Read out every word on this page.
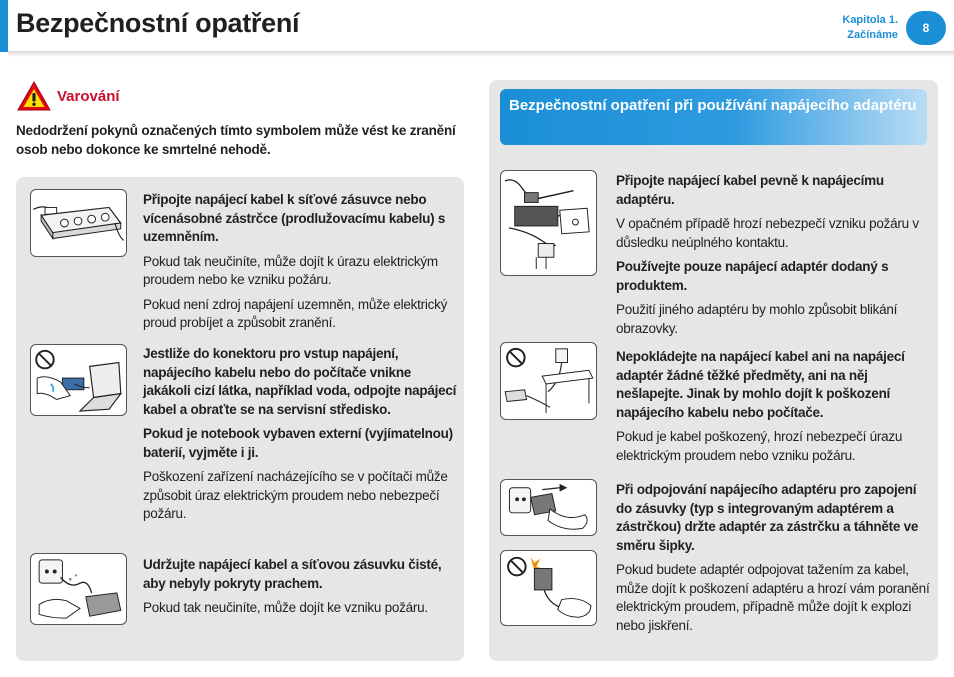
Bezpečnostní opatření	Kapitola 1.
Začínáme	8
Varování
Nedodržení pokynů označených tímto symbolem může vést ke zranění osob nebo dokonce ke smrtelné nehodě.

Připojte napájecí kabel k síťové zásuvce nebo vícenásobné zástrčce (prodlužovacímu kabelu) s uzemněním.

Pokud tak neučiníte, může dojít k úrazu elektrickým proudem nebo ke vzniku požáru.

Pokud není zdroj napájení uzemněn, může elektrický proud probíjet a způsobit zranění.

Jestliže do konektoru pro vstup napájení, napájecího kabelu nebo do počítače vnikne jakákoli cizí látka, například voda, odpojte napájecí kabel a obraťte se na servisní středisko.

Pokud je notebook vybaven externí (vyjímatelnou) baterií, vyjměte i ji.

Poškození zařízení nacházejícího se v počítači může způsobit úraz elektrickým proudem nebo nebezpečí požáru.

Udržujte napájecí kabel a síťovou zásuvku čisté, aby nebyly pokryty prachem.

Pokud tak neučiníte, může dojít ke vzniku požáru.

Bezpečnostní opatření při používání napájecího adaptéru

Připojte napájecí kabel pevně k napájecímu adaptéru.

V opačném případě hrozí nebezpečí vzniku požáru v důsledku neúplného kontaktu.

Používejte pouze napájecí adaptér dodaný s produktem.

Použití jiného adaptéru by mohlo způsobit blikání obrazovky.

Nepokládejte na napájecí kabel ani na napájecí adaptér žádné těžké předměty, ani na něj nešlapejte. Jinak by mohlo dojít k poškození napájecího kabelu nebo počítače.

Pokud je kabel poškozený, hrozí nebezpečí úrazu elektrickým proudem nebo vzniku požáru.

Při odpojování napájecího adaptéru pro zapojení do zásuvky (typ s integrovaným adaptérem a zástrčkou) držte adaptér za zástrčku a táhněte ve směru šipky.

Pokud budete adaptér odpojovat tažením za kabel, může dojít k poškození adaptéru a hrozí vám poranění elektrickým proudem, případně může dojít k explozi nebo jiskření.
